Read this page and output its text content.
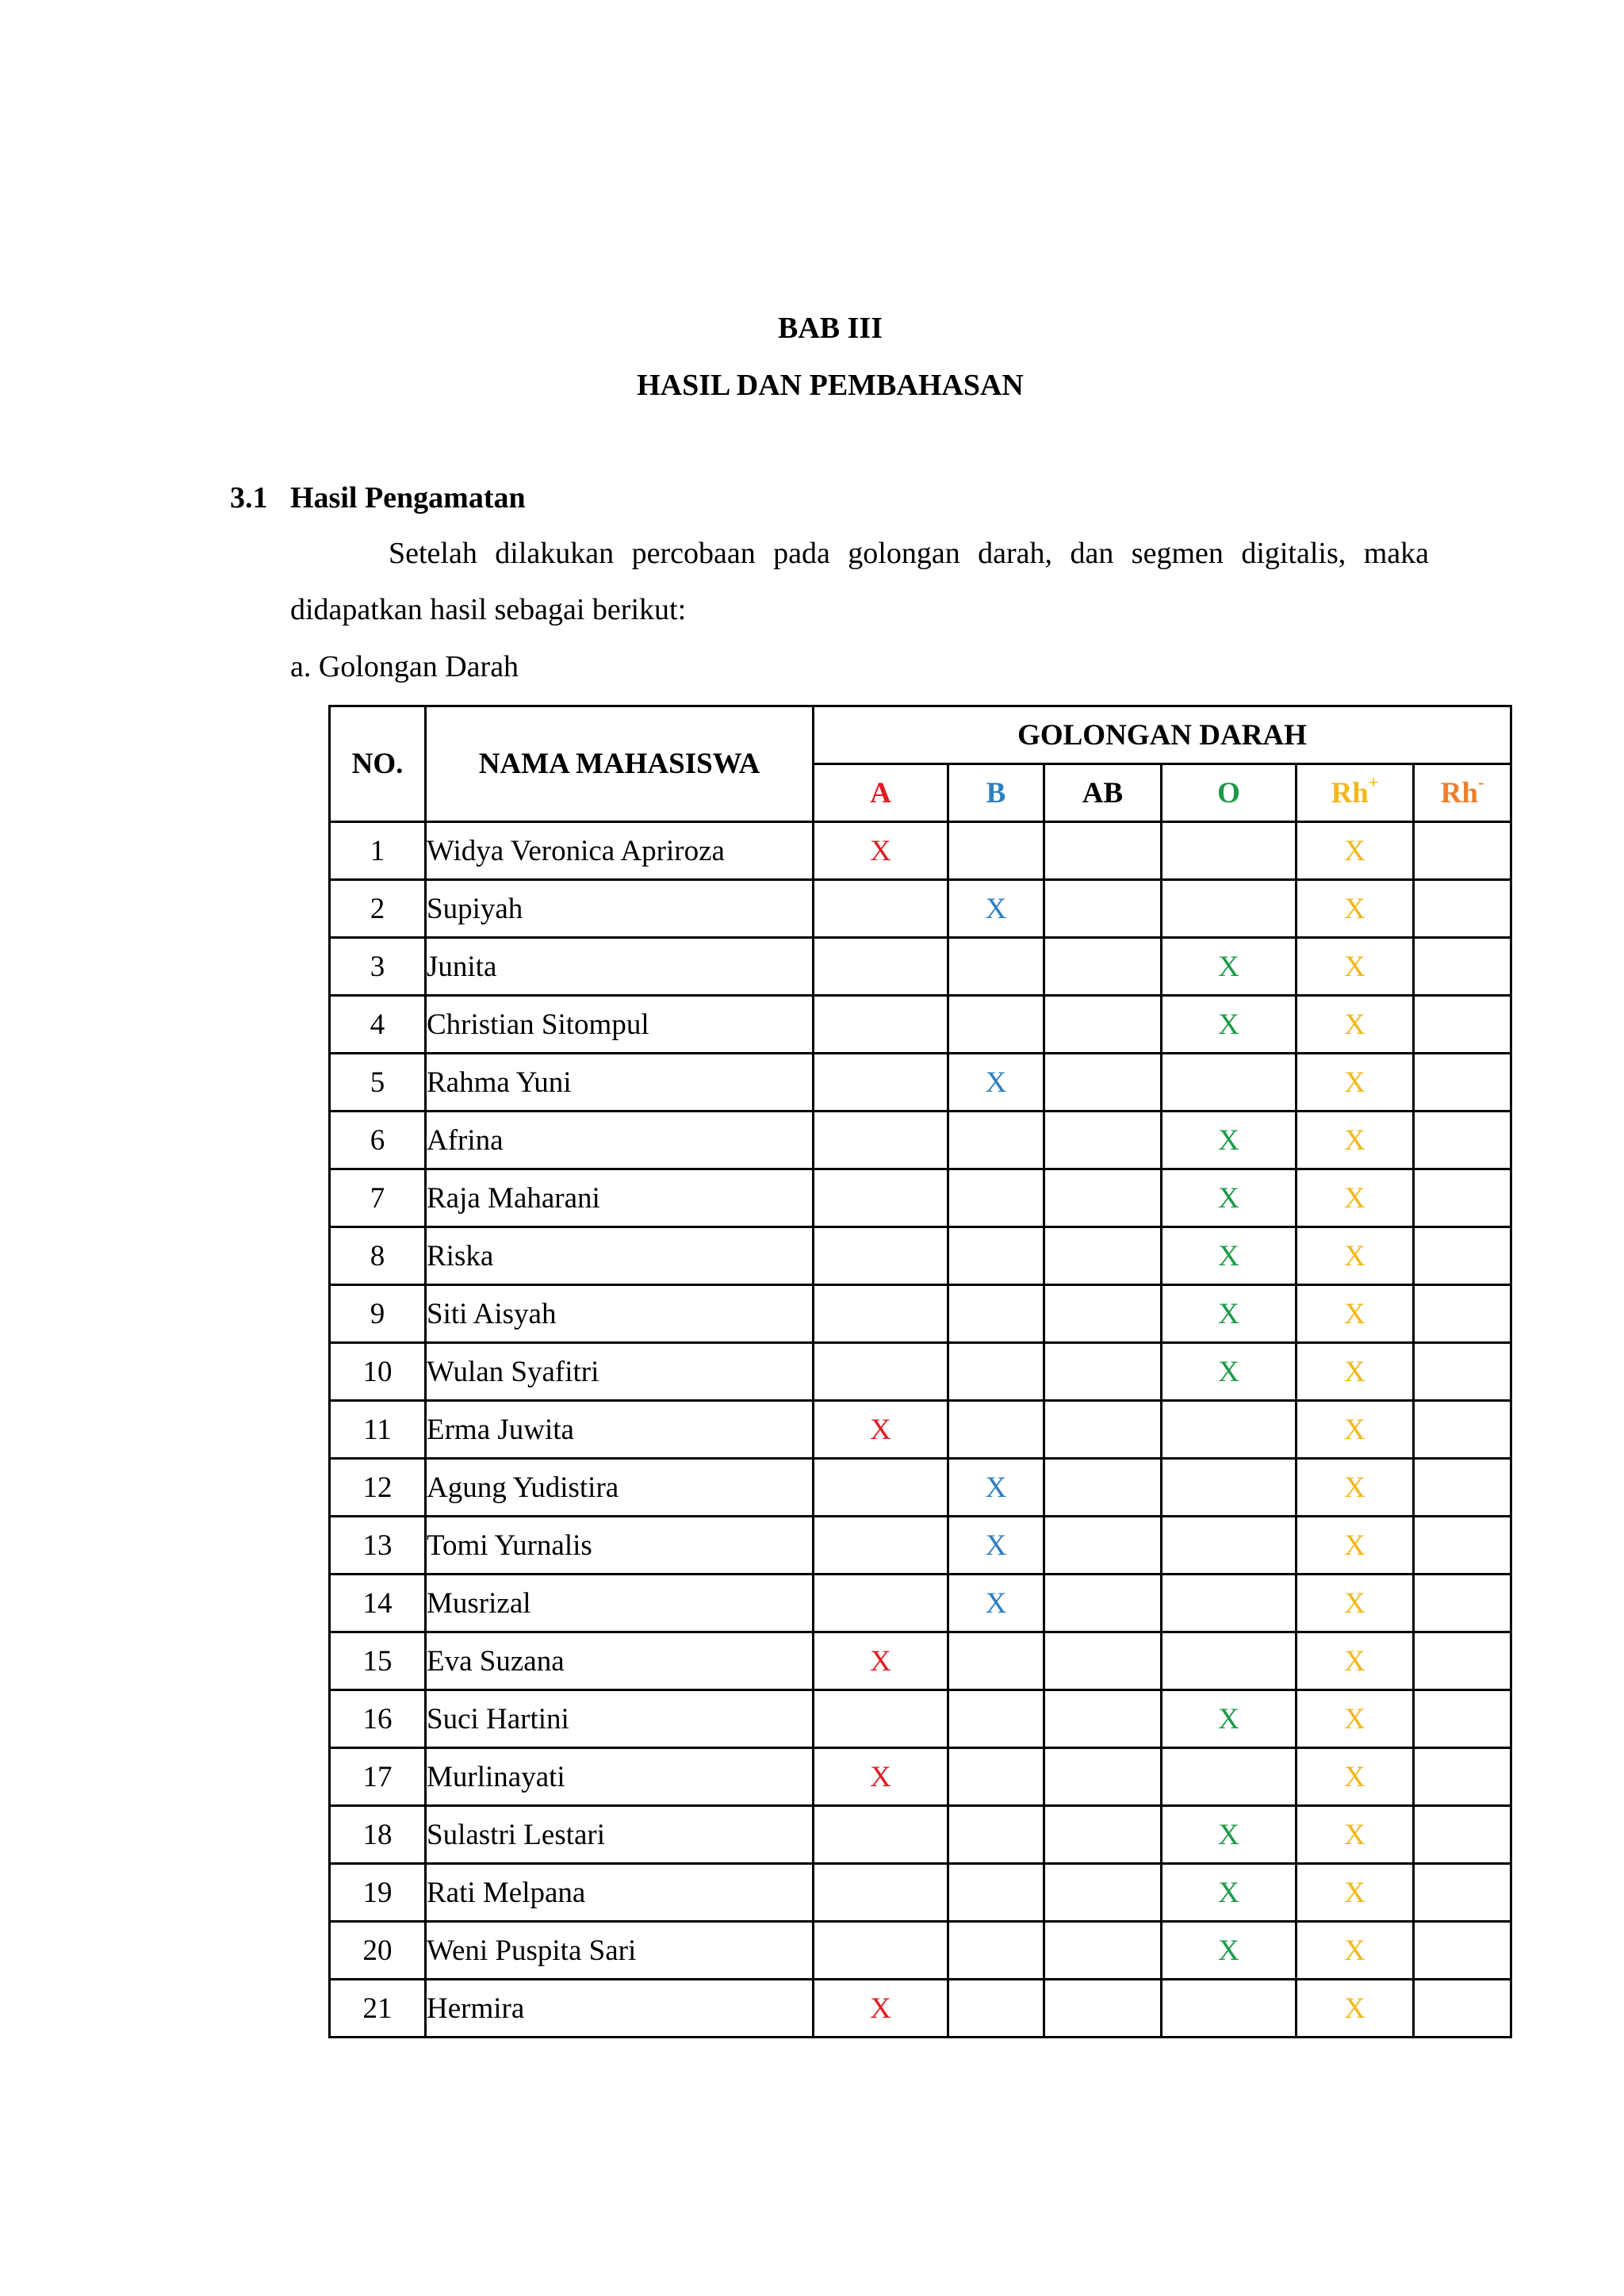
BAB III
HASIL DAN PEMBAHASAN
3.1 Hasil Pengamatan
Setelah dilakukan percobaan pada golongan darah, dan segmen digitalis, maka
didapatkan hasil sebagai berikut:
a. Golongan Darah
NO.	NAMA MAHASISWA	GOLONGAN DARAH					
		A	B	AB	O	Rh+	Rh-
1	Widya Veronica Apriroza	X				X	
2	Supiyah		X			X	
3	Junita				X	X	
4	Christian Sitompul				X	X	
5	Rahma Yuni		X			X	
6	Afrina				X	X	
7	Raja Maharani				X	X	
8	Riska				X	X	
9	Siti Aisyah				X	X	
10	Wulan Syafitri				X	X	
11	Erma Juwita	X				X	
12	Agung Yudistira		X			X	
13	Tomi Yurnalis		X			X	
14	Musrizal		X			X	
15	Eva Suzana	X				X	
16	Suci Hartini				X	X	
17	Murlinayati	X				X	
18	Sulastri Lestari				X	X	
19	Rati Melpana				X	X	
20	Weni Puspita Sari				X	X	
21	Hermira	X				X	
